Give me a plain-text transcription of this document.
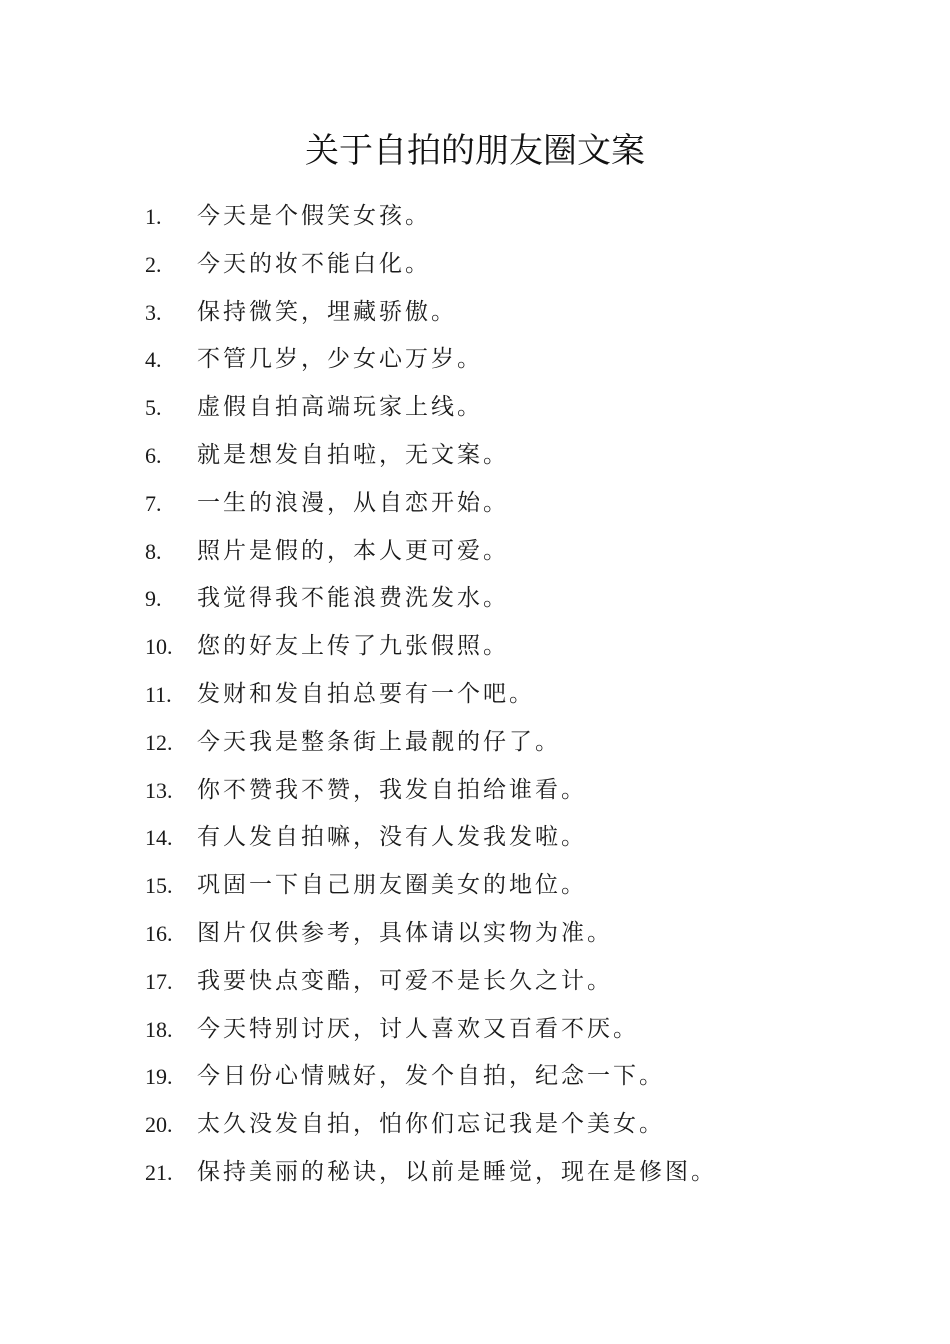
关于自拍的朋友圈文案
1. 今天是个假笑女孩。
2. 今天的妆不能白化。
3. 保持微笑，埋藏骄傲。
4. 不管几岁，少女心万岁。
5. 虚假自拍高端玩家上线。
6. 就是想发自拍啦，无文案。
7. 一生的浪漫，从自恋开始。
8. 照片是假的，本人更可爱。
9. 我觉得我不能浪费洗发水。
10. 您的好友上传了九张假照。
11. 发财和发自拍总要有一个吧。
12. 今天我是整条街上最靓的仔了。
13. 你不赞我不赞，我发自拍给谁看。
14. 有人发自拍嘛，没有人发我发啦。
15. 巩固一下自己朋友圈美女的地位。
16. 图片仅供参考，具体请以实物为准。
17. 我要快点变酷，可爱不是长久之计。
18. 今天特别讨厌，讨人喜欢又百看不厌。
19. 今日份心情贼好，发个自拍，纪念一下。
20. 太久没发自拍，怕你们忘记我是个美女。
21. 保持美丽的秘诀，以前是睡觉，现在是修图。
